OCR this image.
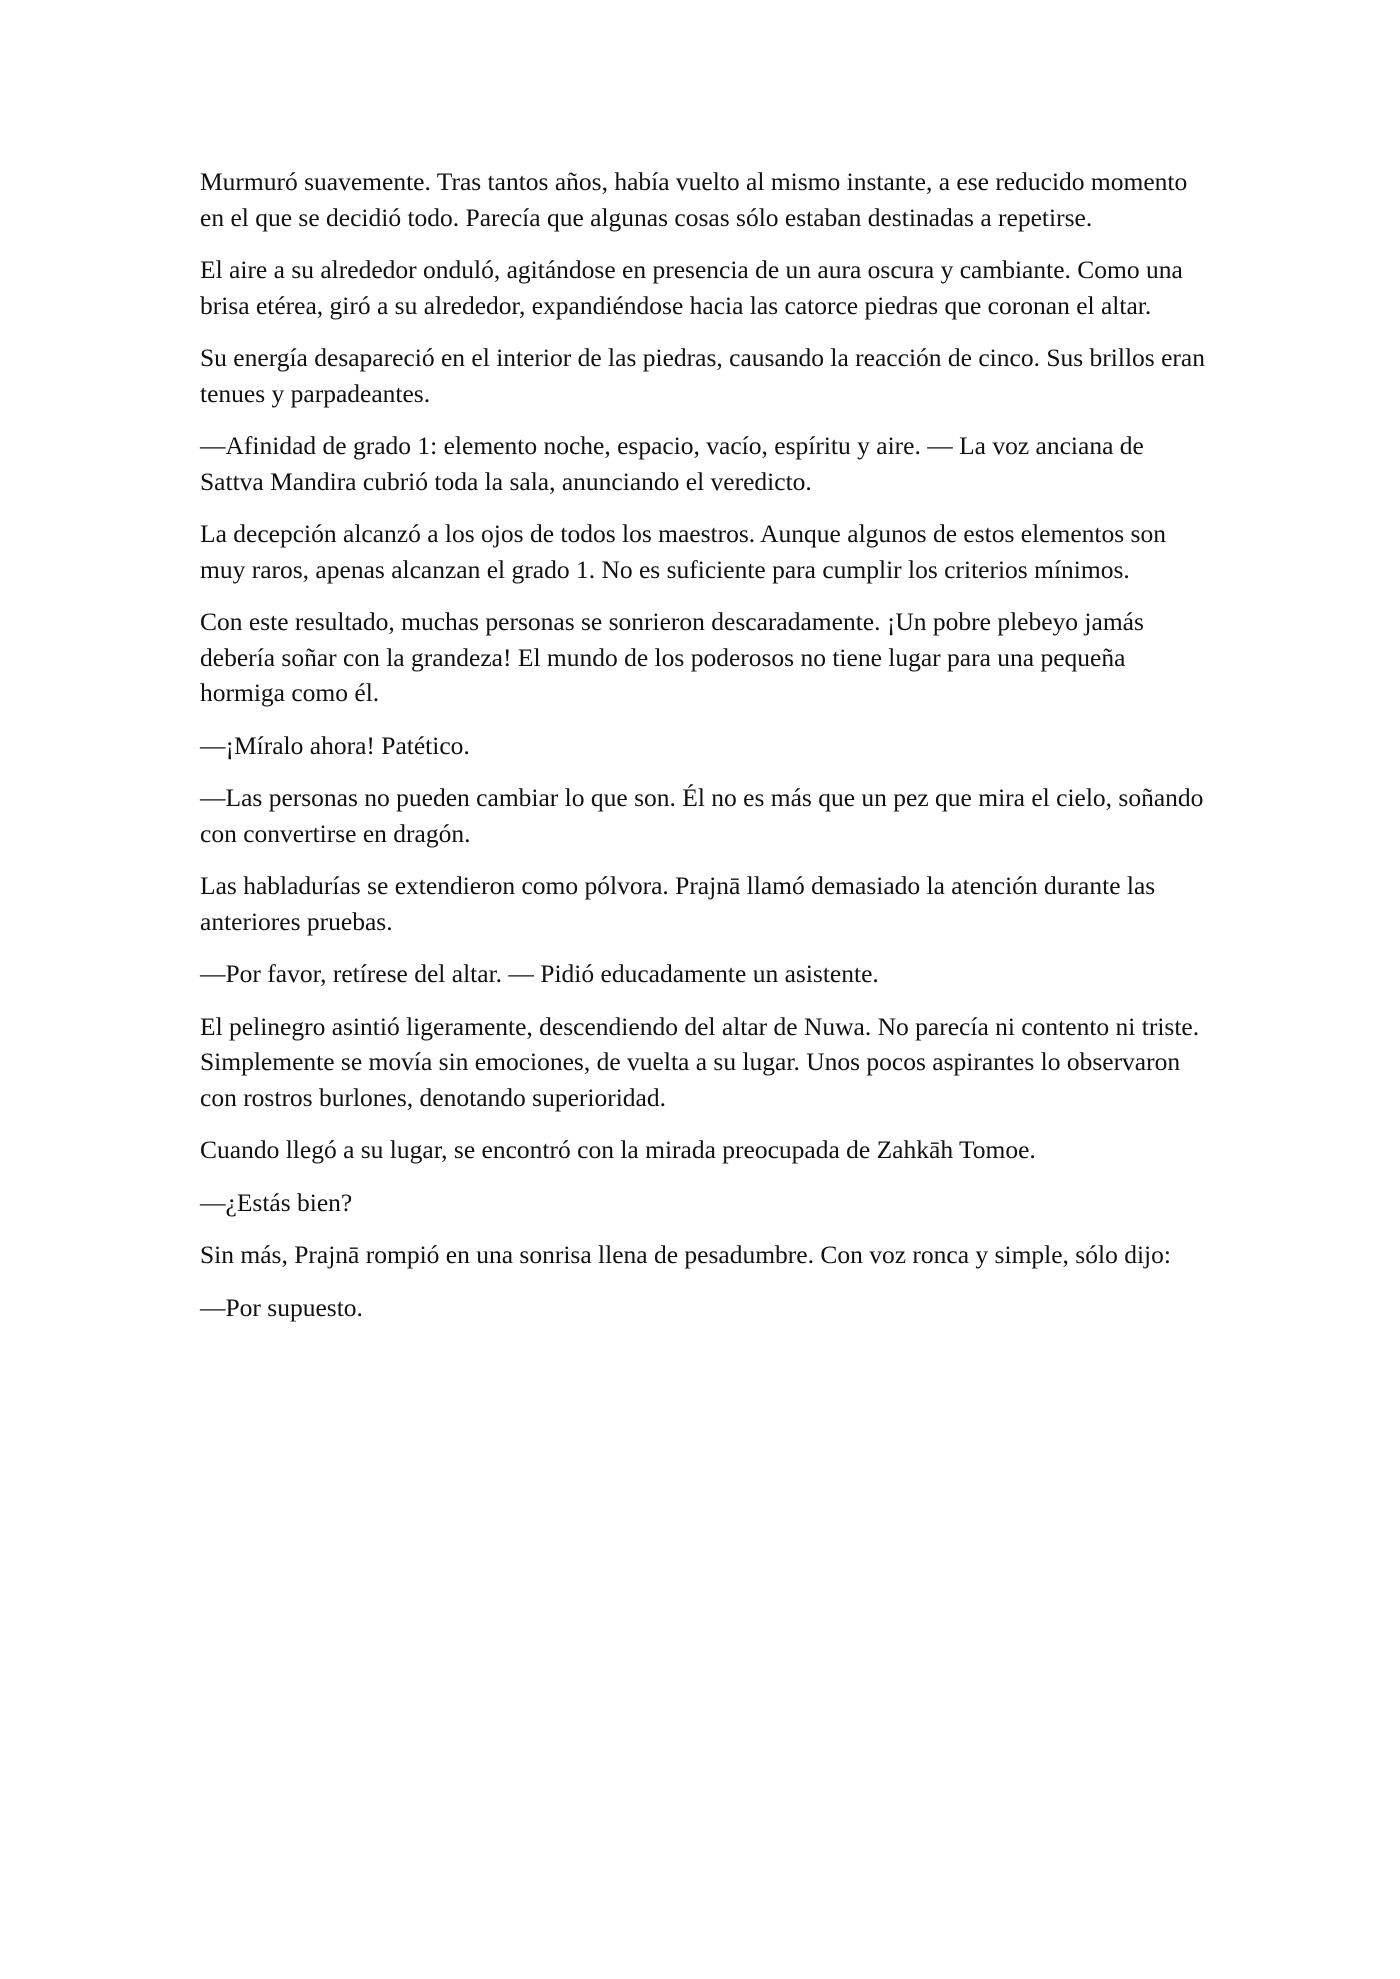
Murmuró suavemente. Tras tantos años, había vuelto al mismo instante, a ese reducido momento en el que se decidió todo. Parecía que algunas cosas sólo estaban destinadas a repetirse.

El aire a su alrededor onduló, agitándose en presencia de un aura oscura y cambiante. Como una brisa etérea, giró a su alrededor, expandiéndose hacia las catorce piedras que coronan el altar.

Su energía desapareció en el interior de las piedras, causando la reacción de cinco. Sus brillos eran tenues y parpadeantes.

—Afinidad de grado 1: elemento noche, espacio, vacío, espíritu y aire. — La voz anciana de Sattva Mandira cubrió toda la sala, anunciando el veredicto.

La decepción alcanzó a los ojos de todos los maestros. Aunque algunos de estos elementos son muy raros, apenas alcanzan el grado 1. No es suficiente para cumplir los criterios mínimos.

Con este resultado, muchas personas se sonrieron descaradamente. ¡Un pobre plebeyo jamás debería soñar con la grandeza! El mundo de los poderosos no tiene lugar para una pequeña hormiga como él.

—¡Míralo ahora! Patético.

—Las personas no pueden cambiar lo que son. Él no es más que un pez que mira el cielo, soñando con convertirse en dragón.

Las habladurías se extendieron como pólvora. Prajnā llamó demasiado la atención durante las anteriores pruebas.

—Por favor, retírese del altar. — Pidió educadamente un asistente.

El pelinegro asintió ligeramente, descendiendo del altar de Nuwa. No parecía ni contento ni triste. Simplemente se movía sin emociones, de vuelta a su lugar. Unos pocos aspirantes lo observaron con rostros burlones, denotando superioridad.

Cuando llegó a su lugar, se encontró con la mirada preocupada de Zahkāh Tomoe.

—¿Estás bien?

Sin más, Prajnā rompió en una sonrisa llena de pesadumbre. Con voz ronca y simple, sólo dijo:

—Por supuesto.
